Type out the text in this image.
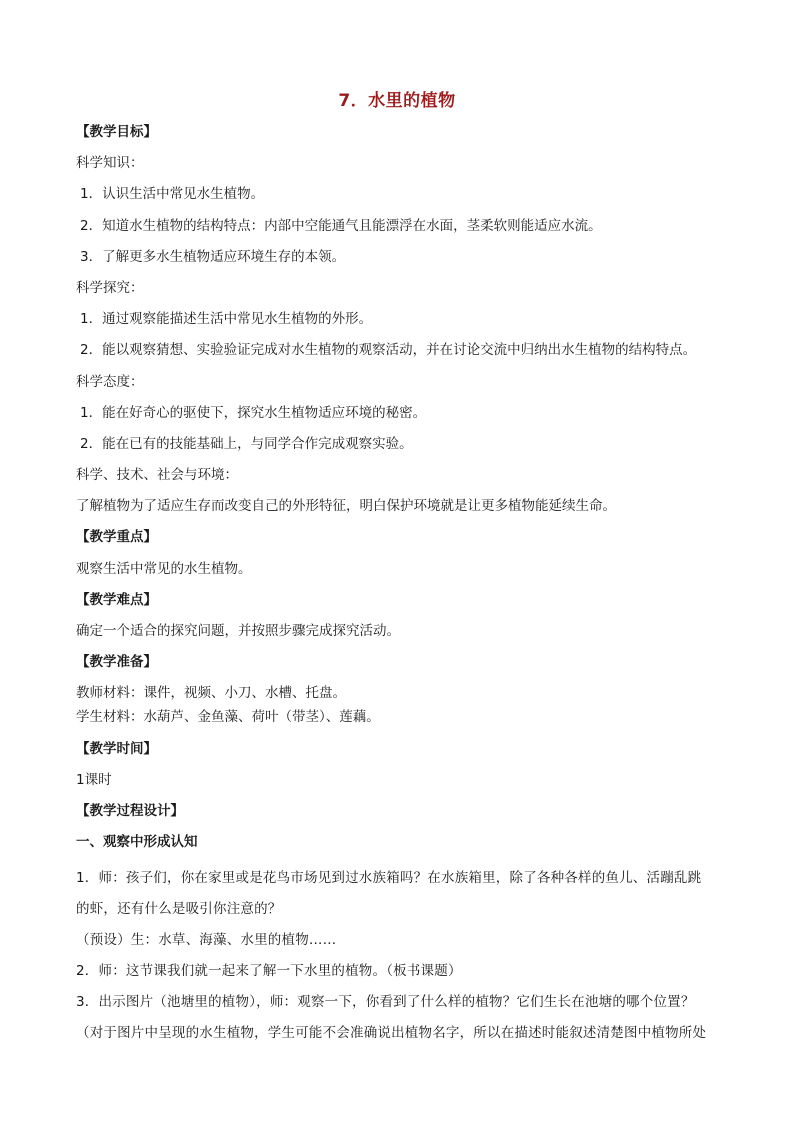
7．水里的植物
【教学目标】
科学知识：
1．认识生活中常见水生植物。
2．知道水生植物的结构特点：内部中空能通气且能漂浮在水面，茎柔软则能适应水流。
3．了解更多水生植物适应环境生存的本领。
科学探究：
1．通过观察能描述生活中常见水生植物的外形。
2．能以观察猜想、实验验证完成对水生植物的观察活动，并在讨论交流中归纳出水生植物的结构特点。
科学态度：
1．能在好奇心的驱使下，探究水生植物适应环境的秘密。
2．能在已有的技能基础上，与同学合作完成观察实验。
科学、技术、社会与环境：
了解植物为了适应生存而改变自己的外形特征，明白保护环境就是让更多植物能延续生命。
【教学重点】
观察生活中常见的水生植物。
【教学难点】
确定一个适合的探究问题，并按照步骤完成探究活动。
【教学准备】
教师材料：课件，视频、小刀、水槽、托盘。
学生材料：水葫芦、金鱼藻、荷叶（带茎）、莲藕。
【教学时间】
1课时
【教学过程设计】
一、观察中形成认知
1．师：孩子们，你在家里或是花鸟市场见到过水族箱吗？在水族箱里，除了各种各样的鱼儿、活蹦乱跳
的虾，还有什么是吸引你注意的？
（预设）生：水草、海藻、水里的植物……
2．师：这节课我们就一起来了解一下水里的植物。（板书课题）
3．出示图片（池塘里的植物），师：观察一下，你看到了什么样的植物？它们生长在池塘的哪个位置？
（对于图片中呈现的水生植物，学生可能不会准确说出植物名字，所以在描述时能叙述清楚图中植物所处
